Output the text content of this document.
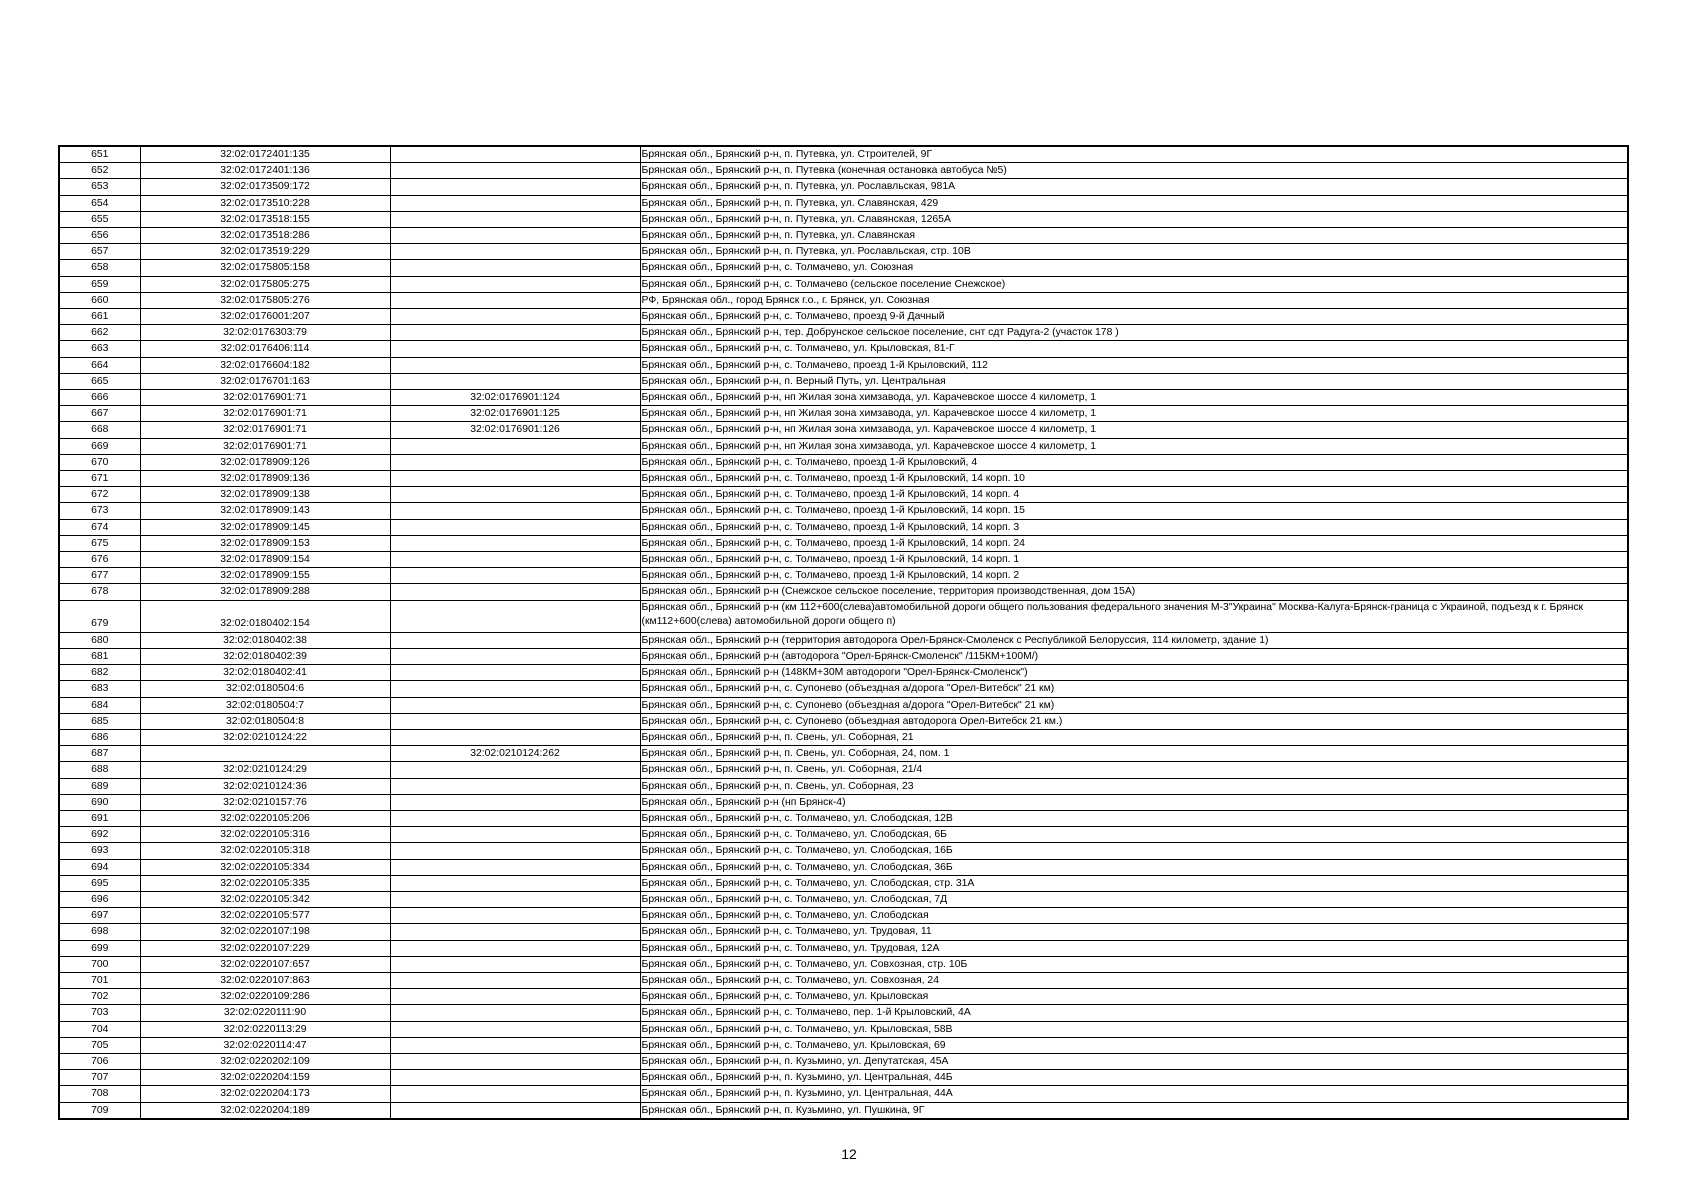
651	32:02:0172401:135		Брянская обл., Брянский р-н, п. Путевка, ул. Строителей, 9Г
652	32:02:0172401:136		Брянская обл., Брянский р-н, п. Путевка (конечная остановка автобуса №5)
653	32:02:0173509:172		Брянская обл., Брянский р-н, п. Путевка, ул. Рославльская, 981А
654	32:02:0173510:228		Брянская обл., Брянский р-н, п. Путевка, ул. Славянская, 429
655	32:02:0173518:155		Брянская обл., Брянский р-н, п. Путевка, ул. Славянская, 1265А
656	32:02:0173518:286		Брянская обл., Брянский р-н, п. Путевка, ул. Славянская
657	32:02:0173519:229		Брянская обл., Брянский р-н, п. Путевка, ул. Рославльская, стр. 10В
658	32:02:0175805:158		Брянская обл., Брянский р-н, с. Толмачево, ул. Союзная
659	32:02:0175805:275		Брянская обл., Брянский р-н, с. Толмачево (сельское поселение Снежское)
660	32:02:0175805:276		РФ, Брянская обл., город Брянск г.о., г. Брянск, ул. Союзная
661	32:02:0176001:207		Брянская обл., Брянский р-н, с. Толмачево, проезд 9-й Дачный
662	32:02:0176303:79		Брянская обл., Брянский р-н, тер. Добрунское сельское поселение, снт сдт Радуга-2 (участок 178 )
663	32:02:0176406:114		Брянская обл., Брянский р-н, с. Толмачево, ул. Крыловская, 81-Г
664	32:02:0176604:182		Брянская обл., Брянский р-н, с. Толмачево, проезд 1-й Крыловский, 112
665	32:02:0176701:163		Брянская обл., Брянский р-н, п. Верный Путь, ул. Центральная
666	32:02:0176901:71	32:02:0176901:124	Брянская обл., Брянский р-н, нп Жилая зона химзавода, ул. Карачевское шоссе 4 километр, 1
667	32:02:0176901:71	32:02:0176901:125	Брянская обл., Брянский р-н, нп Жилая зона химзавода, ул. Карачевское шоссе 4 километр, 1
668	32:02:0176901:71	32:02:0176901:126	Брянская обл., Брянский р-н, нп Жилая зона химзавода, ул. Карачевское шоссе 4 километр, 1
669	32:02:0176901:71		Брянская обл., Брянский р-н, нп Жилая зона химзавода, ул. Карачевское шоссе 4 километр, 1
670	32:02:0178909:126		Брянская обл., Брянский р-н, с. Толмачево, проезд 1-й Крыловский, 4
671	32:02:0178909:136		Брянская обл., Брянский р-н, с. Толмачево, проезд 1-й Крыловский, 14 корп. 10
672	32:02:0178909:138		Брянская обл., Брянский р-н, с. Толмачево, проезд 1-й Крыловский, 14 корп. 4
673	32:02:0178909:143		Брянская обл., Брянский р-н, с. Толмачево, проезд 1-й Крыловский, 14 корп. 15
674	32:02:0178909:145		Брянская обл., Брянский р-н, с. Толмачево, проезд 1-й Крыловский, 14 корп. 3
675	32:02:0178909:153		Брянская обл., Брянский р-н, с. Толмачево, проезд 1-й Крыловский, 14 корп. 24
676	32:02:0178909:154		Брянская обл., Брянский р-н, с. Толмачево, проезд 1-й Крыловский, 14 корп. 1
677	32:02:0178909:155		Брянская обл., Брянский р-н, с. Толмачево, проезд 1-й Крыловский, 14 корп. 2
678	32:02:0178909:288		Брянская обл., Брянский р-н (Снежское сельское поселение, территория производственная, дом 15А)
679	32:02:0180402:154		Брянская обл., Брянский р-н (км 112+600(слева)автомобильной дороги общего пользования федерального значения М-3"Украина" Москва-Калуга-Брянск-граница с Украиной, подъезд к г. Брянск (км112+600(слева) автомобильной дороги общего п)
680	32:02:0180402:38		Брянская обл., Брянский р-н (территория автодорога Орел-Брянск-Смоленск с Республикой Белоруссия, 114 километр, здание 1)
681	32:02:0180402:39		Брянская обл., Брянский р-н (автодорога "Орел-Брянск-Смоленск" /115КМ+100М/)
682	32:02:0180402:41		Брянская обл., Брянский р-н (148КМ+30М автодороги "Орел-Брянск-Смоленск")
683	32:02:0180504:6		Брянская обл., Брянский р-н, с. Супонево (объездная а/дорога "Орел-Витебск" 21 км)
684	32:02:0180504:7		Брянская обл., Брянский р-н, с. Супонево (объездная а/дорога "Орел-Витебск" 21 км)
685	32:02:0180504:8		Брянская обл., Брянский р-н, с. Супонево (объездная автодорога Орел-Витебск 21 км.)
686	32:02:0210124:22		Брянская обл., Брянский р-н, п. Свень, ул. Соборная, 21
687		32:02:0210124:262	Брянская обл., Брянский р-н, п. Свень, ул. Соборная, 24, пом. 1
688	32:02:0210124:29		Брянская обл., Брянский р-н, п. Свень, ул. Соборная, 21/4
689	32:02:0210124:36		Брянская обл., Брянский р-н, п. Свень, ул. Соборная, 23
690	32:02:0210157:76		Брянская обл., Брянский р-н (нп Брянск-4)
691	32:02:0220105:206		Брянская обл., Брянский р-н, с. Толмачево, ул. Слободская, 12В
692	32:02:0220105:316		Брянская обл., Брянский р-н, с. Толмачево, ул. Слободская, 6Б
693	32:02:0220105:318		Брянская обл., Брянский р-н, с. Толмачево, ул. Слободская, 16Б
694	32:02:0220105:334		Брянская обл., Брянский р-н, с. Толмачево, ул. Слободская, 36Б
695	32:02:0220105:335		Брянская обл., Брянский р-н, с. Толмачево, ул. Слободская, стр. 31А
696	32:02:0220105:342		Брянская обл., Брянский р-н, с. Толмачево, ул. Слободская, 7Д
697	32:02:0220105:577		Брянская обл., Брянский р-н, с. Толмачево, ул. Слободская
698	32:02:0220107:198		Брянская обл., Брянский р-н, с. Толмачево, ул. Трудовая, 11
699	32:02:0220107:229		Брянская обл., Брянский р-н, с. Толмачево, ул. Трудовая, 12А
700	32:02:0220107:657		Брянская обл., Брянский р-н, с. Толмачево, ул. Совхозная, стр. 10Б
701	32:02:0220107:863		Брянская обл., Брянский р-н, с. Толмачево, ул. Совхозная, 24
702	32:02:0220109:286		Брянская обл., Брянский р-н, с. Толмачево, ул. Крыловская
703	32:02:0220111:90		Брянская обл., Брянский р-н, с. Толмачево, пер. 1-й Крыловский, 4А
704	32:02:0220113:29		Брянская обл., Брянский р-н, с. Толмачево, ул. Крыловская, 58В
705	32:02:0220114:47		Брянская обл., Брянский р-н, с. Толмачево, ул. Крыловская, 69
706	32:02:0220202:109		Брянская обл., Брянский р-н, п. Кузьмино, ул. Депутатская, 45А
707	32:02:0220204:159		Брянская обл., Брянский р-н, п. Кузьмино, ул. Центральная, 44Б
708	32:02:0220204:173		Брянская обл., Брянский р-н, п. Кузьмино, ул. Центральная, 44А
709	32:02:0220204:189		Брянская обл., Брянский р-н, п. Кузьмино, ул. Пушкина, 9Г
12
